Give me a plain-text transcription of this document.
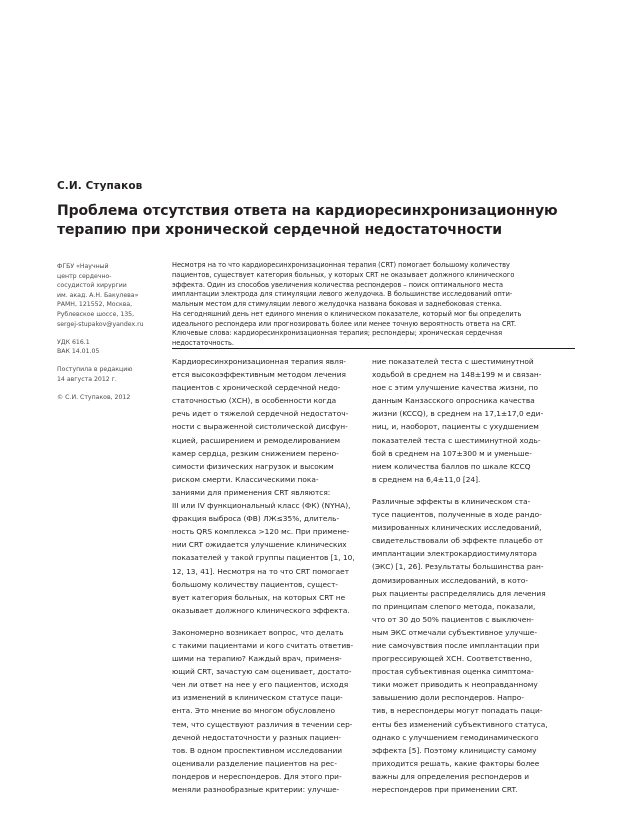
С.И. Ступаков
Проблема отсутствия ответа на кардиоресинхронизационную
терапию при хронической сердечной недостаточности
ФГБУ «Научный
центр сердечно-
сосудистой хирургии
им. акад. А.Н. Бакулева»
РАМН, 121552, Москва,
Рублевское шоссе, 135,
sergej-stupakov@yandex.ru
УДК 616.1
ВАК 14.01.05
Поступила в редакцию
14 августа 2012 г.
© С.И. Ступаков, 2012
Несмотря на то что кардиоресинхронизационная терапия (CRT) помогает большому количеству
пациентов, существует категория больных, у которых CRT не оказывает должного клинического
эффекта. Один из способов увеличения количества респондеров – поиск оптимального места
имплантации электрода для стимуляции левого желудочка. В большинстве исследований опти-
мальным местом для стимуляции левого желудочка названа боковая и заднебоковая стенка.
На сегодняшний день нет единого мнения о клиническом показателе, который мог бы определить
идеального респондера или прогнозировать более или менее точную вероятность ответа на CRT.
Ключевые слова: кардиоресинхронизационная терапия; респондеры; хроническая сердечная
недостаточность.
Кардиоресинхронизационная терапия явля-
ется высокоэффективным методом лечения
пациентов с хронической сердечной недо-
статочностью (ХСН), в особенности когда
речь идет о тяжелой сердечной недостаточ-
ности с выраженной систолической дисфун-
кцией, расширением и ремоделированием
камер сердца, резким снижением перено-
симости физических нагрузок и высоким
риском смерти. Классическими пока-
заниями для применения CRT являются:
III или IV функциональный класс (ФК) (NYHA),
фракция выброса (ФВ) ЛЖ≤35%, длитель-
ность QRS комплекса >120 мс. При примене-
нии CRT ожидается улучшение клинических
показателей у такой группы пациентов [1, 10,
12, 13, 41]. Несмотря на то что CRT помогает
большому количеству пациентов, сущест-
вует категория больных, на которых CRT не
оказывает должного клинического эффекта.
Закономерно возникает вопрос, что делать
с такими пациентами и кого считать ответив-
шими на терапию? Каждый врач, применя-
ющий CRT, зачастую сам оценивает, достато-
чен ли ответ на нее у его пациентов, исходя
из изменений в клиническом статусе паци-
ента. Это мнение во многом обусловлено
тем, что существуют различия в течении сер-
дечной недостаточности у разных пациен-
тов. В одном проспективном исследовании
оценивали разделение пациентов на рес-
пондеров и нереспондеров. Для этого при-
меняли разнообразные критерии: улучше-
ние показателей теста с шестиминутной
ходьбой в среднем на 148±199 м и связан-
ное с этим улучшение качества жизни, по
данным Канзасского опросника качества
жизни (KCCQ), в среднем на 17,1±17,0 еди-
ниц, и, наоборот, пациенты с ухудшением
показателей теста с шестиминутной ходь-
бой в среднем на 107±300 м и уменьше-
нием количества баллов по шкале KCCQ
в среднем на 6,4±11,0 [24].
Различные эффекты в клиническом ста-
тусе пациентов, полученные в ходе рандо-
мизированных клинических исследований,
свидетельствовали об эффекте плацебо от
имплантации электрокардиостимулятора
(ЭКС) [1, 26]. Результаты большинства ран-
домизированных исследований, в кото-
рых пациенты распределялись для лечения
по принципам слепого метода, показали,
что от 30 до 50% пациентов с выключен-
ным ЭКС отмечали субъективное улучше-
ние самочувствия после имплантации при
прогрессирующей ХСН. Соответственно,
простая субъективная оценка симптома-
тики может приводить к неоправданному
завышению доли респондеров. Напро-
тив, в нереспондеры могут попадать паци-
енты без изменений субъективного статуса,
однако с улучшением гемодинамического
эффекта [5]. Поэтому клиницисту самому
приходится решать, какие факторы более
важны для определения респондеров и
нереспондеров при применении CRT.
